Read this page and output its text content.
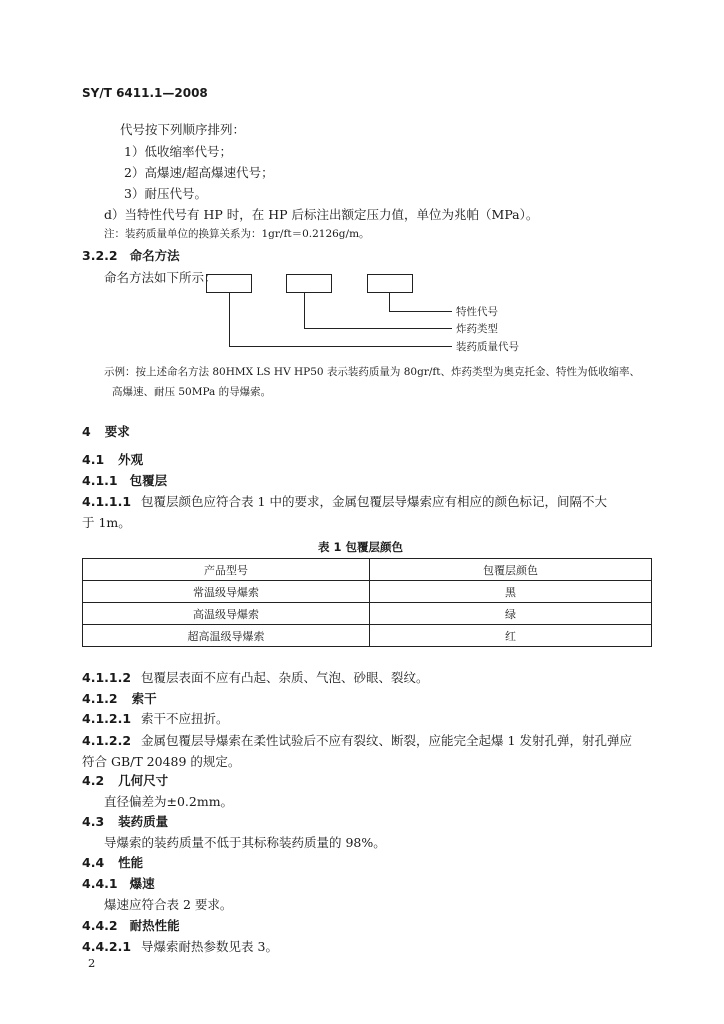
SY/T 6411.1—2008
代号按下列顺序排列：
1）低收缩率代号；
2）高爆速/超高爆速代号；
3）耐压代号。
d）当特性代号有 HP 时，在 HP 后标注出额定压力值，单位为兆帕（MPa）。
注：装药质量单位的换算关系为：1gr/ft＝0.2126g/m。
3.2.2 命名方法
命名方法如下所示：
特性代号
炸药类型
装药质量代号
示例：按上述命名方法 80HMX LS HV HP50 表示装药质量为 80gr/ft、炸药类型为奥克托金、特性为低收缩率、
高爆速、耐压 50MPa 的导爆索。
4 要求
4.1 外观
4.1.1 包覆层
4.1.1.1 包覆层颜色应符合表 1 中的要求，金属包覆层导爆索应有相应的颜色标记，间隔不大
于 1m。
表 1 包覆层颜色
产品型号	包覆层颜色
常温级导爆索	黑
高温级导爆索	绿
超高温级导爆索	红
4.1.1.2 包覆层表面不应有凸起、杂质、气泡、砂眼、裂纹。
4.1.2 索干
4.1.2.1 索干不应扭折。
4.1.2.2 金属包覆层导爆索在柔性试验后不应有裂纹、断裂，应能完全起爆 1 发射孔弹，射孔弹应
符合 GB/T 20489 的规定。
4.2 几何尺寸
直径偏差为±0.2mm。
4.3 装药质量
导爆索的装药质量不低于其标称装药质量的 98%。
4.4 性能
4.4.1 爆速
爆速应符合表 2 要求。
4.4.2 耐热性能
4.4.2.1 导爆索耐热参数见表 3。
2
